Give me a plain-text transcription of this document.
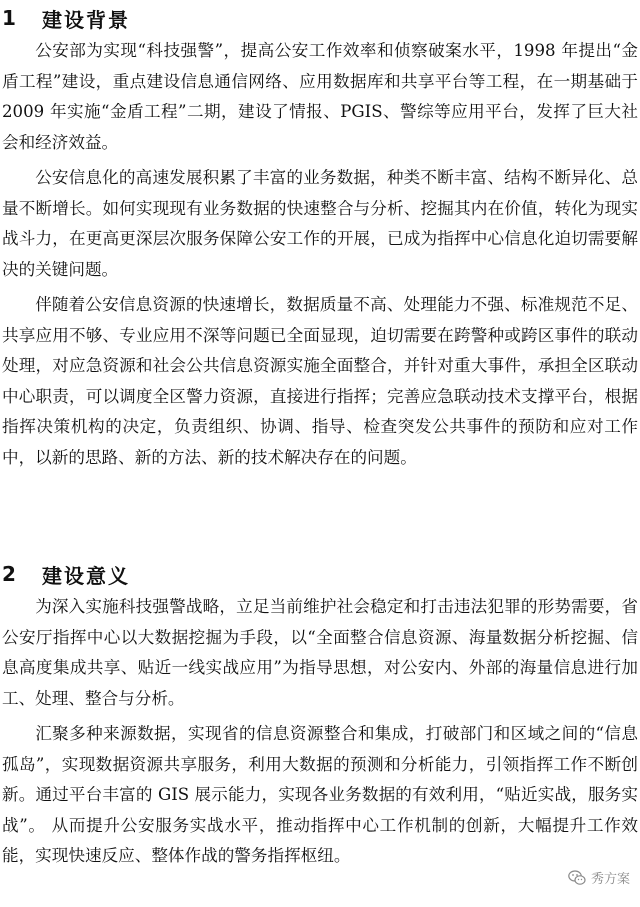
1	建设背景

公安部为实现“科技强警”，提高公安工作效率和侦察破案水平，1998 年提出“金盾工程”建设，重点建设信息通信网络、应用数据库和共享平台等工程，在一期基础于 2009 年实施“金盾工程”二期，建设了情报、PGIS、警综等应用平台，发挥了巨大社会和经济效益。

公安信息化的高速发展积累了丰富的业务数据，种类不断丰富、结构不断异化、总量不断增长。如何实现现有业务数据的快速整合与分析、挖掘其内在价值，转化为现实战斗力，在更高更深层次服务保障公安工作的开展，已成为指挥中心信息化迫切需要解决的关键问题。

伴随着公安信息资源的快速增长，数据质量不高、处理能力不强、标准规范不足、共享应用不够、专业应用不深等问题已全面显现，迫切需要在跨警种或跨区事件的联动处理，对应急资源和社会公共信息资源实施全面整合，并针对重大事件，承担全区联动中心职责，可以调度全区警力资源，直接进行指挥；完善应急联动技术支撑平台，根据指挥决策机构的决定，负责组织、协调、指导、检查突发公共事件的预防和应对工作中，以新的思路、新的方法、新的技术解决存在的问题。

2	建设意义

为深入实施科技强警战略，立足当前维护社会稳定和打击违法犯罪的形势需要，省公安厅指挥中心以大数据挖掘为手段，以“全面整合信息资源、海量数据分析挖掘、信息高度集成共享、贴近一线实战应用”为指导思想，对公安内、外部的海量信息进行加工、处理、整合与分析。

汇聚多种来源数据，实现省的信息资源整合和集成，打破部门和区域之间的“信息孤岛”，实现数据资源共享服务，利用大数据的预测和分析能力，引领指挥工作不断创新。通过平台丰富的 GIS 展示能力，实现各业务数据的有效利用，“贴近实战，服务实战”。 从而提升公安服务实战水平，推动指挥中心工作机制的创新，大幅提升工作效能，实现快速反应、整体作战的警务指挥枢纽。

秀方案
